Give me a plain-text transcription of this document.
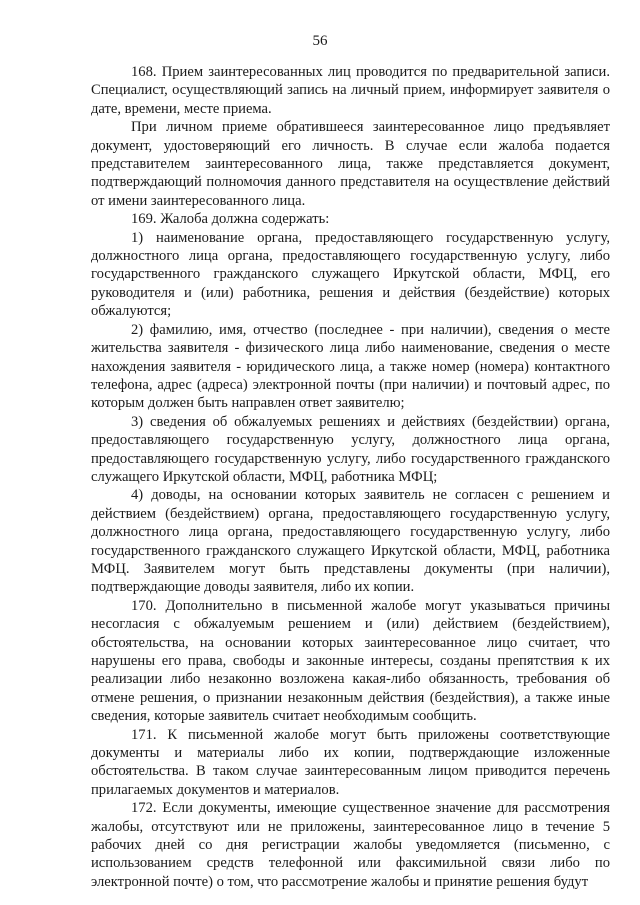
56

168. Прием заинтересованных лиц проводится по предварительной записи. Специалист, осуществляющий запись на личный прием, информирует заявителя о дате, времени, месте приема.

При личном приеме обратившееся заинтересованное лицо предъявляет документ, удостоверяющий его личность. В случае если жалоба подается представителем заинтересованного лица, также представляется документ, подтверждающий полномочия данного представителя на осуществление действий от имени заинтересованного лица.

169. Жалоба должна содержать:

1) наименование органа, предоставляющего государственную услугу, должностного лица органа, предоставляющего государственную услугу, либо государственного гражданского служащего Иркутской области, МФЦ, его руководителя и (или) работника, решения и действия (бездействие) которых обжалуются;

2) фамилию, имя, отчество (последнее - при наличии), сведения о месте жительства заявителя - физического лица либо наименование, сведения о месте нахождения заявителя - юридического лица, а также номер (номера) контактного телефона, адрес (адреса) электронной почты (при наличии) и почтовый адрес, по которым должен быть направлен ответ заявителю;

3) сведения об обжалуемых решениях и действиях (бездействии) органа, предоставляющего государственную услугу, должностного лица органа, предоставляющего государственную услугу, либо государственного гражданского служащего Иркутской области, МФЦ, работника МФЦ;

4) доводы, на основании которых заявитель не согласен с решением и действием (бездействием) органа, предоставляющего государственную услугу, должностного лица органа, предоставляющего государственную услугу, либо государственного гражданского служащего Иркутской области, МФЦ, работника МФЦ. Заявителем могут быть представлены документы (при наличии), подтверждающие доводы заявителя, либо их копии.

170. Дополнительно в письменной жалобе могут указываться причины несогласия с обжалуемым решением и (или) действием (бездействием), обстоятельства, на основании которых заинтересованное лицо считает, что нарушены его права, свободы и законные интересы, созданы препятствия к их реализации либо незаконно возложена какая-либо обязанность, требования об отмене решения, о признании незаконным действия (бездействия), а также иные сведения, которые заявитель считает необходимым сообщить.

171. К письменной жалобе могут быть приложены соответствующие документы и материалы либо их копии, подтверждающие изложенные обстоятельства. В таком случае заинтересованным лицом приводится перечень прилагаемых документов и материалов.

172. Если документы, имеющие существенное значение для рассмотрения жалобы, отсутствуют или не приложены, заинтересованное лицо в течение 5 рабочих дней со дня регистрации жалобы уведомляется (письменно, с использованием средств телефонной или факсимильной связи либо по электронной почте) о том, что рассмотрение жалобы и принятие решения будут
